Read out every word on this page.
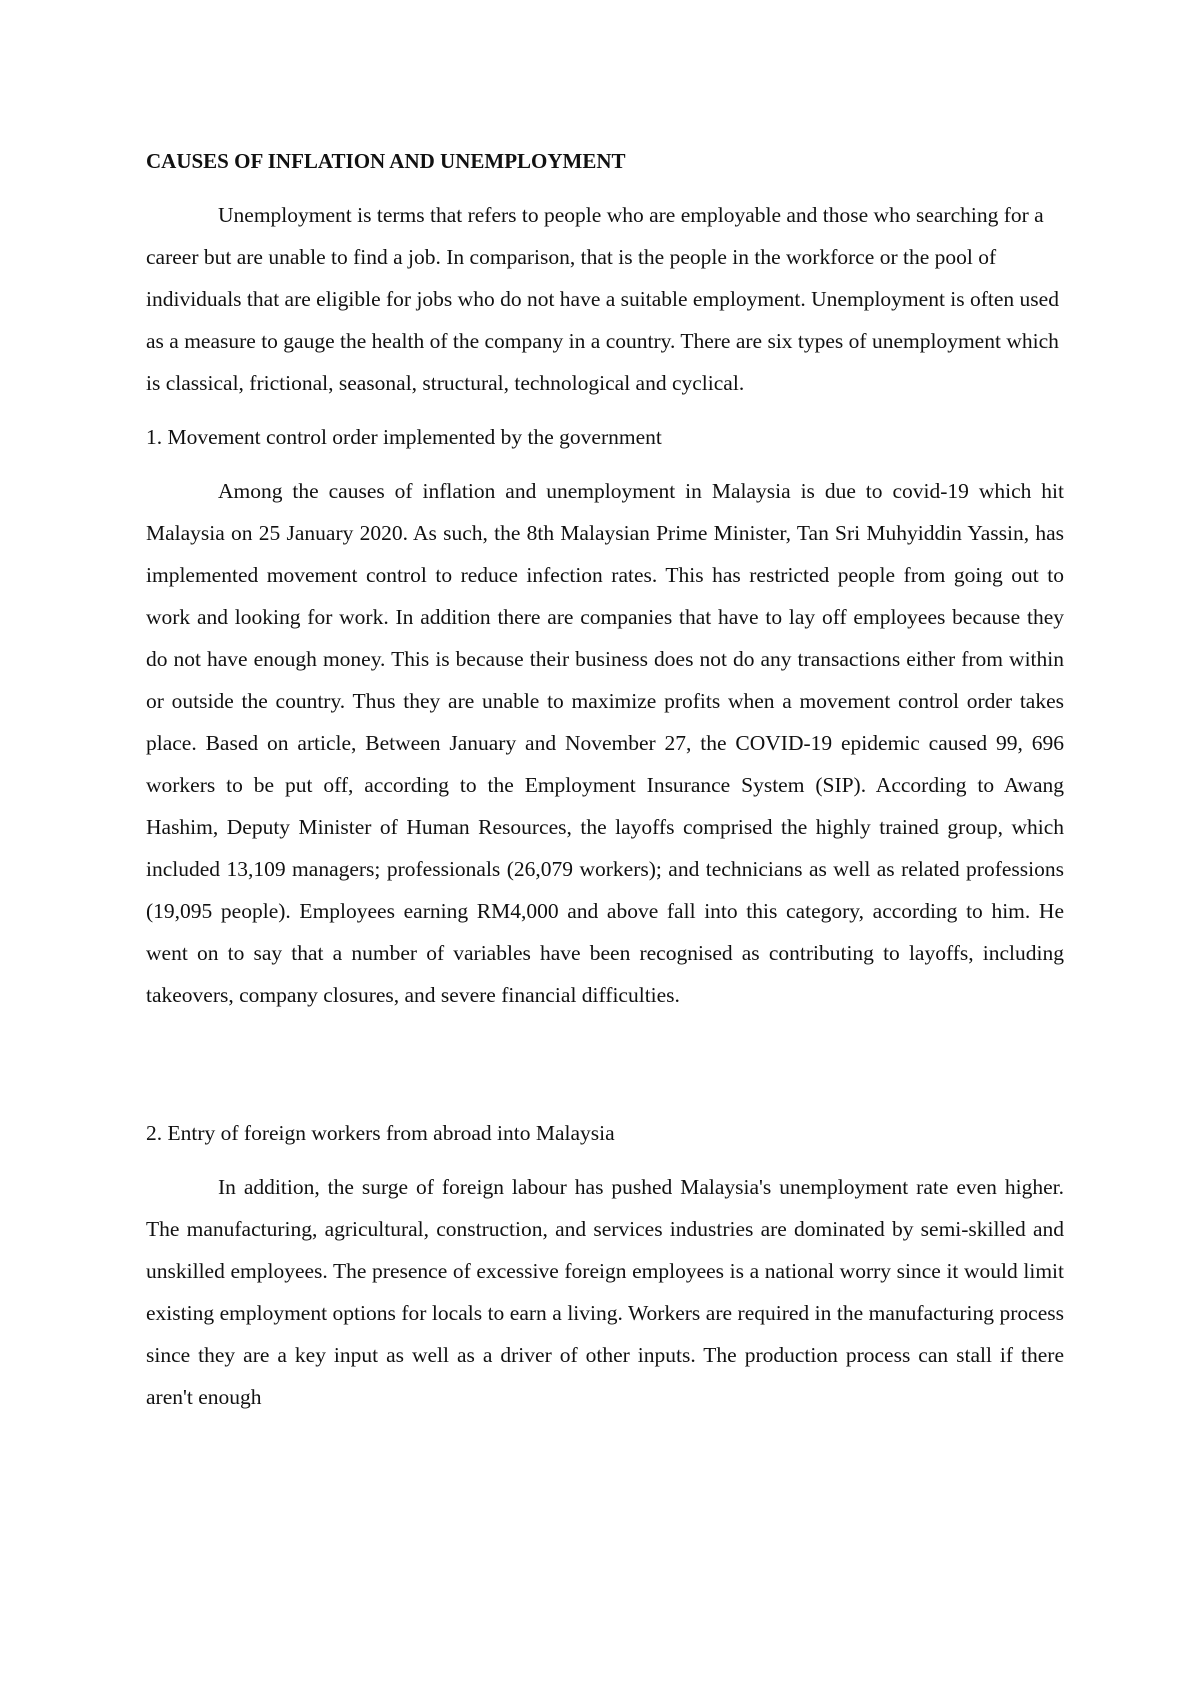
CAUSES OF INFLATION AND UNEMPLOYMENT
Unemployment is terms that refers to people who are employable and those who searching for a career but are unable to find a job. In comparison, that is the people in the workforce or the pool of individuals that are eligible for jobs who do not have a suitable employment. Unemployment is often used as a measure to gauge the health of the company in a country. There are six types of unemployment which is classical, frictional, seasonal, structural, technological and cyclical.
1. Movement control order implemented by the government
Among the causes of inflation and unemployment in Malaysia is due to covid-19 which hit Malaysia on 25 January 2020. As such, the 8th Malaysian Prime Minister, Tan Sri Muhyiddin Yassin, has implemented movement control to reduce infection rates. This has restricted people from going out to work and looking for work. In addition there are companies that have to lay off employees because they do not have enough money. This is because their business does not do any transactions either from within or outside the country. Thus they are unable to maximize profits when a movement control order takes place. Based on article, Between January and November 27, the COVID-19 epidemic caused 99, 696 workers to be put off, according to the Employment Insurance System (SIP). According to Awang Hashim, Deputy Minister of Human Resources, the layoffs comprised the highly trained group, which included 13,109 managers; professionals (26,079 workers); and technicians as well as related professions (19,095 people). Employees earning RM4,000 and above fall into this category, according to him. He went on to say that a number of variables have been recognised as contributing to layoffs, including takeovers, company closures, and severe financial difficulties.
2. Entry of foreign workers from abroad into Malaysia
In addition, the surge of foreign labour has pushed Malaysia's unemployment rate even higher. The manufacturing, agricultural, construction, and services industries are dominated by semi-skilled and unskilled employees. The presence of excessive foreign employees is a national worry since it would limit existing employment options for locals to earn a living. Workers are required in the manufacturing process since they are a key input as well as a driver of other inputs. The production process can stall if there aren't enough
